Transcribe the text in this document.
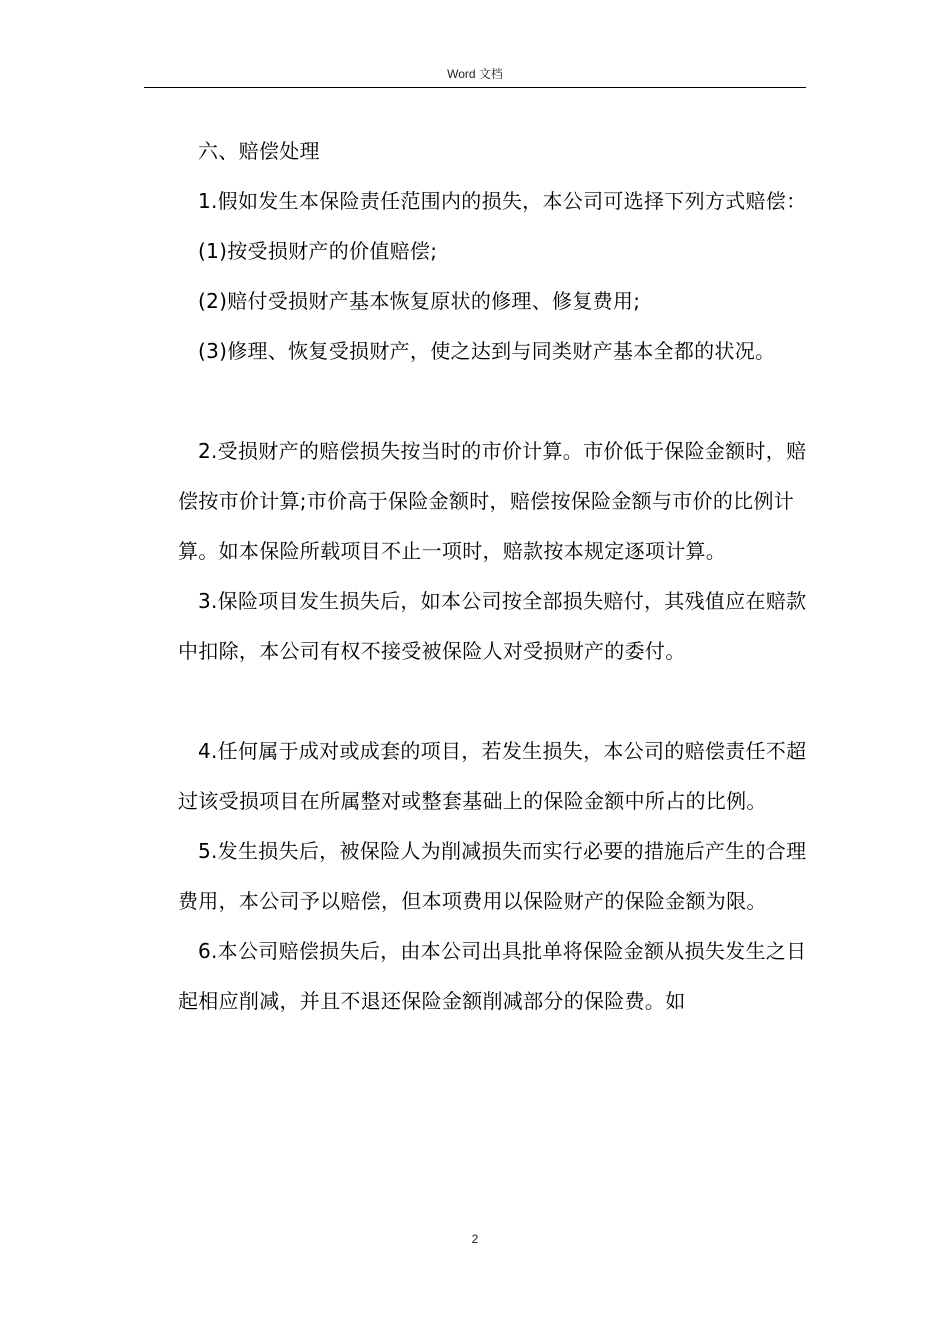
Word 文档

六、赔偿处理

1.假如发生本保险责任范围内的损失，本公司可选择下列方式赔偿：

(1)按受损财产的价值赔偿;

(2)赔付受损财产基本恢复原状的修理、修复费用;

(3)修理、恢复受损财产，使之达到与同类财产基本全都的状况。

2.受损财产的赔偿损失按当时的市价计算。市价低于保险金额时，赔偿按市价计算;市价高于保险金额时，赔偿按保险金额与市价的比例计算。如本保险所载项目不止一项时，赔款按本规定逐项计算。

3.保险项目发生损失后，如本公司按全部损失赔付，其残值应在赔款中扣除，本公司有权不接受被保险人对受损财产的委付。

4.任何属于成对或成套的项目，若发生损失，本公司的赔偿责任不超过该受损项目在所属整对或整套基础上的保险金额中所占的比例。

5.发生损失后，被保险人为削减损失而实行必要的措施后产生的合理费用，本公司予以赔偿，但本项费用以保险财产的保险金额为限。

6.本公司赔偿损失后，由本公司出具批单将保险金额从损失发生之日起相应削减，并且不退还保险金额削减部分的保险费。如

2
